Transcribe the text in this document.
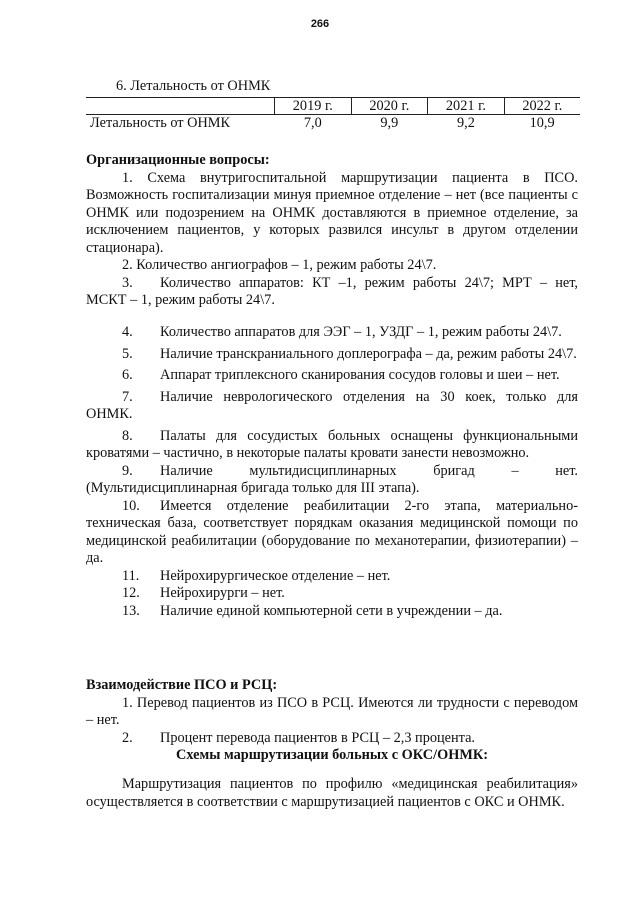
266
6. Летальность от ОНМК
	2019 г.	2020 г.	2021 г.	2022 г.
Летальность от ОНМК	7,0	9,9	9,2	10,9

Организационные вопросы:

1. Схема внутригоспитальной маршрутизации пациента в ПСО. Возможность госпитализации минуя приемное отделение – нет (все пациенты с ОНМК или подозрением на ОНМК доставляются в приемное отделение, за исключением пациентов, у которых развился инсульт в другом отделении стационара).

2. Количество ангиографов – 1, режим работы 24\7.

3. Количество аппаратов: КТ –1, режим работы 24\7; МРТ – нет, МСКТ – 1, режим работы 24\7.

4. Количество аппаратов для ЭЭГ – 1, УЗДГ – 1, режим работы 24\7.

5. Наличие транскраниального доплерографа – да, режим работы 24\7.

6. Аппарат триплексного сканирования сосудов головы и шеи – нет.

7. Наличие неврологического отделения на 30 коек, только для ОНМК.

8. Палаты для сосудистых больных оснащены функциональными кроватями – частично, в некоторые палаты кровати занести невозможно.

9. Наличие мультидисциплинарных бригад – нет. (Мультидисциплинарная бригада только для III этапа).

10. Имеется отделение реабилитации 2-го этапа, материально-техническая база, соответствует порядкам оказания медицинской помощи по медицинской реабилитации (оборудование по механотерапии, физиотерапии) – да.

11. Нейрохирургическое отделение – нет.

12. Нейрохирурги – нет.

13. Наличие единой компьютерной сети в учреждении – да.

Взаимодействие ПСО и РСЦ:

1. Перевод пациентов из ПСО в РСЦ. Имеются ли трудности с переводом – нет.

2. Процент перевода пациентов в РСЦ – 2,3 процента.

Схемы маршрутизации больных с ОКС/ОНМК:

Маршрутизация пациентов по профилю «медицинская реабилитация» осуществляется в соответствии с маршрутизацией пациентов с ОКС и ОНМК.
